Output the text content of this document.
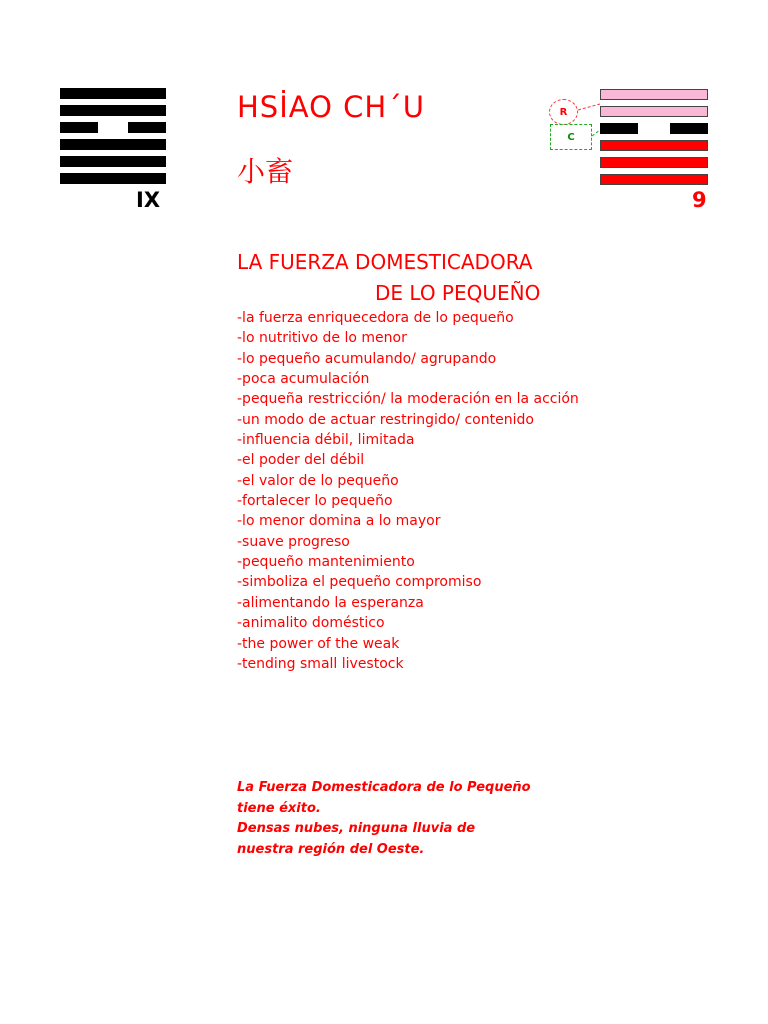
IX
HSİAO CH´U
小畜
R
C
9
LA FUERZA DOMESTICADORA
DE LO PEQUEÑO
-la fuerza enriquecedora de lo pequeño
-lo nutritivo de lo menor
-lo pequeño acumulando/ agrupando
-poca acumulación
-pequeña restricción/ la moderación en la acción
-un modo de actuar restringido/ contenido
-influencia débil, limitada
-el poder del débil
-el valor de lo pequeño
-fortalecer lo pequeño
-lo menor domina a lo mayor
-suave progreso
-pequeño mantenimiento
-simboliza el pequeño compromiso
-alimentando la esperanza
-animalito doméstico
-the power of the weak
-tending small livestock
La Fuerza Domesticadora de lo Pequeño
tiene éxito.
Densas nubes, ninguna lluvia de
nuestra región del Oeste.
